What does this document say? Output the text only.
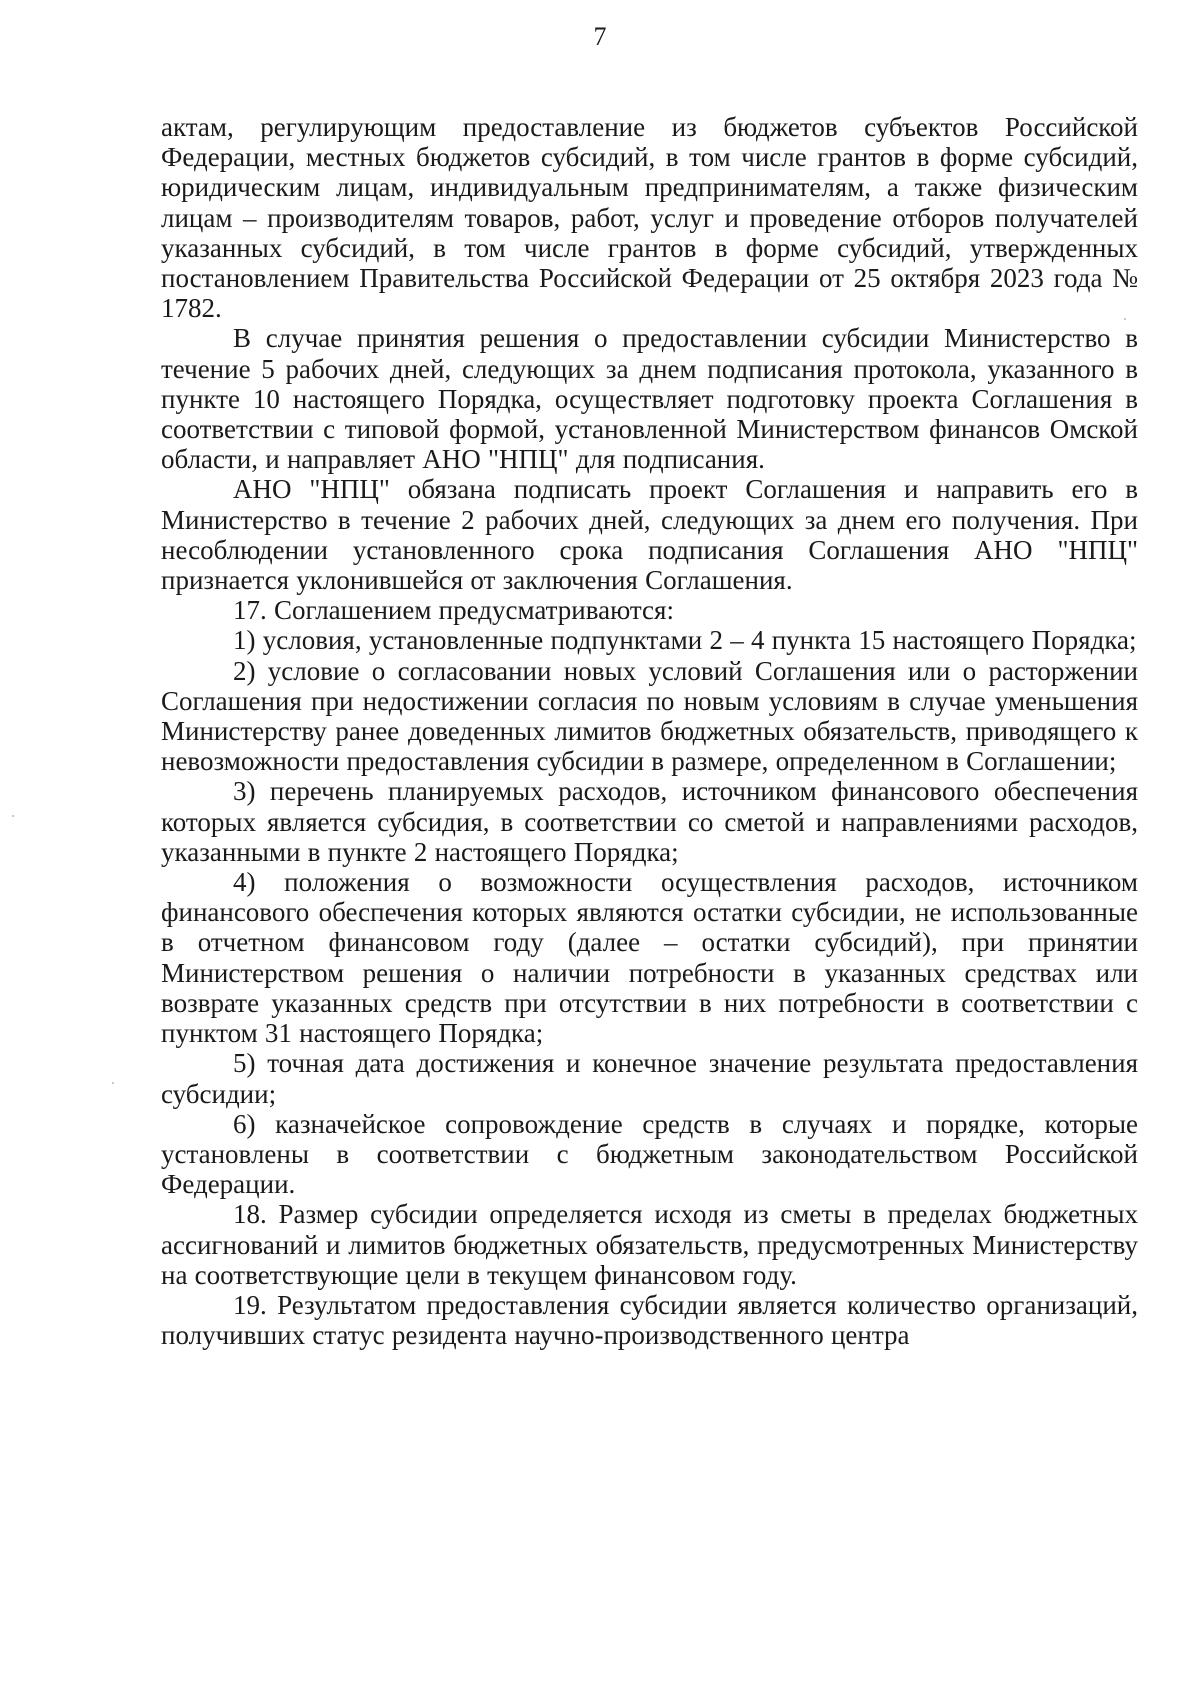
7

актам, регулирующим предоставление из бюджетов субъектов Российской Федерации, местных бюджетов субсидий, в том числе грантов в форме субсидий, юридическим лицам, индивидуальным предпринимателям, а также физическим лицам – производителям товаров, работ, услуг и проведение отборов получателей указанных субсидий, в том числе грантов в форме субсидий, утвержденных постановлением Правительства Российской Федерации от 25 октября 2023 года № 1782.

В случае принятия решения о предоставлении субсидии Министерство в течение 5 рабочих дней, следующих за днем подписания протокола, указанного в пункте 10 настоящего Порядка, осуществляет подготовку проекта Соглашения в соответствии с типовой формой, установленной Министерством финансов Омской области, и направляет АНО "НПЦ" для подписания.

АНО "НПЦ" обязана подписать проект Соглашения и направить его в Министерство в течение 2 рабочих дней, следующих за днем его получения. При несоблюдении установленного срока подписания Соглашения АНО "НПЦ" признается уклонившейся от заключения Соглашения.

17. Соглашением предусматриваются:

1) условия, установленные подпунктами 2 – 4 пункта 15 настоящего Порядка;

2) условие о согласовании новых условий Соглашения или о расторжении Соглашения при недостижении согласия по новым условиям в случае уменьшения Министерству ранее доведенных лимитов бюджетных обязательств, приводящего к невозможности предоставления субсидии в размере, определенном в Соглашении;

3) перечень планируемых расходов, источником финансового обеспечения которых является субсидия, в соответствии со сметой и направлениями расходов, указанными в пункте 2 настоящего Порядка;

4) положения о возможности осуществления расходов, источником финансового обеспечения которых являются остатки субсидии, не использованные в отчетном финансовом году (далее – остатки субсидий), при принятии Министерством решения о наличии потребности в указанных средствах или возврате указанных средств при отсутствии в них потребности в соответствии с пунктом 31 настоящего Порядка;

5) точная дата достижения и конечное значение результата предоставления субсидии;

6) казначейское сопровождение средств в случаях и порядке, которые установлены в соответствии с бюджетным законодательством Российской Федерации.

18. Размер субсидии определяется исходя из сметы в пределах бюджетных ассигнований и лимитов бюджетных обязательств, предусмотренных Министерству на соответствующие цели в текущем финансовом году.

19. Результатом предоставления субсидии является количество организаций, получивших статус резидента научно-производственного центра
